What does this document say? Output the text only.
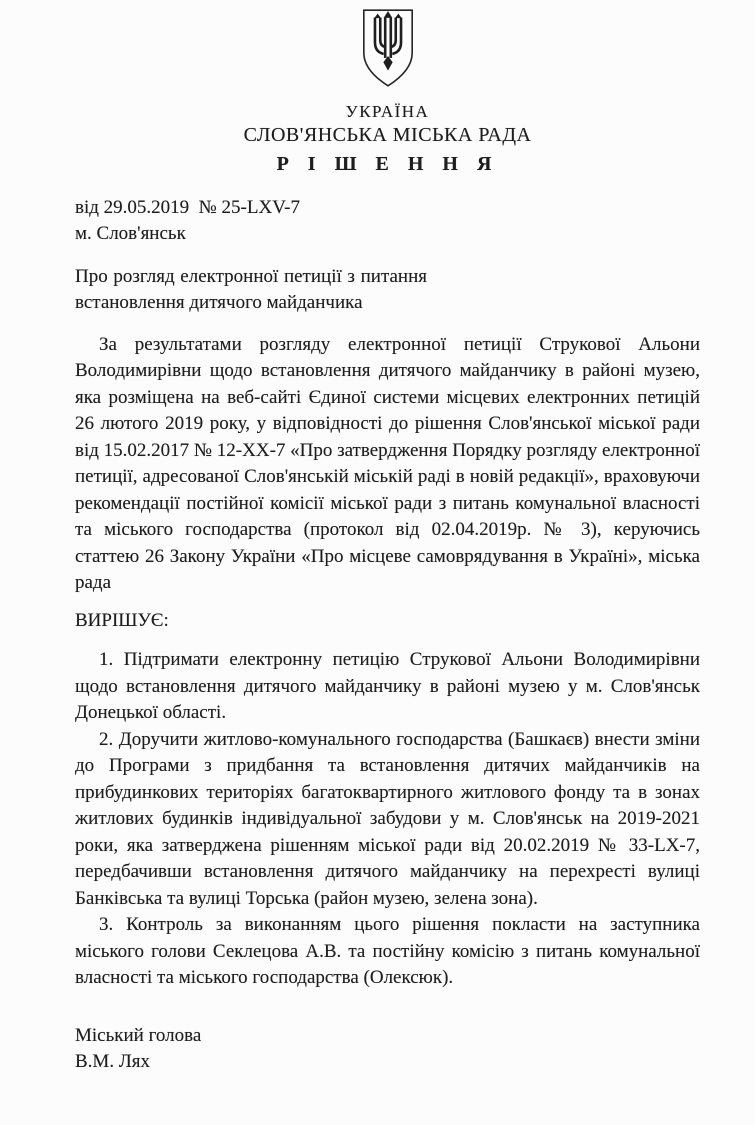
УКРАЇНА
СЛОВ'ЯНСЬКА МІСЬКА РАДА
Р І Ш Е Н Н Я
від 29.05.2019  № 25-LXV-7
м. Слов'янськ
Про розгляд електронної петиції з питання встановлення дитячого майданчика

За результатами розгляду електронної петиції Струкової Альони Володимирівни щодо встановлення дитячого майданчику в районі музею, яка розміщена на веб-сайті Єдиної системи місцевих електронних петицій 26 лютого 2019 року, у відповідності до рішення Слов'янської міської ради від 15.02.2017 № 12-XX-7 «Про затвердження Порядку розгляду електронної петиції, адресованої Слов'янській міській раді в новій редакції», враховуючи рекомендації постійної комісії міської ради з питань комунальної власності та міського господарства (протокол від 02.04.2019р. № 3), керуючись статтею 26 Закону України «Про місцеве самоврядування в Україні», міська рада

ВИРІШУЄ:

1. Підтримати електронну петицію Струкової Альони Володимирівни щодо встановлення дитячого майданчику в районі музею у м. Слов'янськ Донецької області.

2. Доручити житлово-комунального господарства (Башкаєв) внести зміни до Програми з придбання та встановлення дитячих майданчиків на прибудинкових територіях багатоквартирного житлового фонду та в зонах житлових будинків індивідуальної забудови у м. Слов'янськ на 2019-2021 роки, яка затверджена рішенням міської ради від 20.02.2019 № 33-LX-7, передбачивши встановлення дитячого майданчику на перехресті вулиці Банківська та вулиці Торська (район музею, зелена зона).

3. Контроль за виконанням цього рішення покласти на заступника міського голови Секлецова А.В. та постійну комісію з питань комунальної власності та міського господарства (Олексюк).

Міський голова
В.М. Лях
